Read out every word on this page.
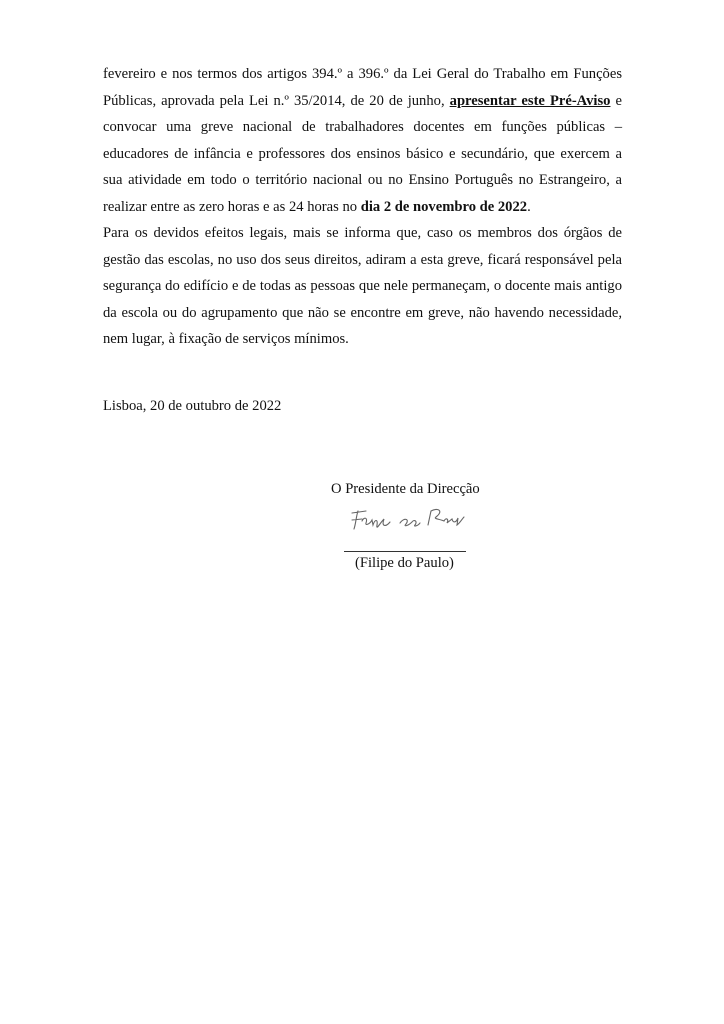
fevereiro e nos termos dos artigos 394.º a 396.º da Lei Geral do Trabalho em Funções
Públicas, aprovada pela Lei n.º 35/2014, de 20 de junho, apresentar este Pré-Aviso e
convocar uma greve nacional de trabalhadores docentes em funções públicas –
educadores de infância e professores dos ensinos básico e secundário, que exercem a
sua atividade em todo o território nacional ou no Ensino Português no Estrangeiro, a
realizar entre as zero horas e as 24 horas no dia 2 de novembro de 2022.
Para os devidos efeitos legais, mais se informa que, caso os membros dos órgãos de
gestão das escolas, no uso dos seus direitos, adiram a esta greve, ficará responsável pela
segurança do edifício e de todas as pessoas que nele permaneçam, o docente mais antigo
da escola ou do agrupamento que não se encontre em greve, não havendo necessidade,
nem lugar, à fixação de serviços mínimos.
Lisboa, 20 de outubro de 2022
O Presidente da Direcção
(Filipe do Paulo)
